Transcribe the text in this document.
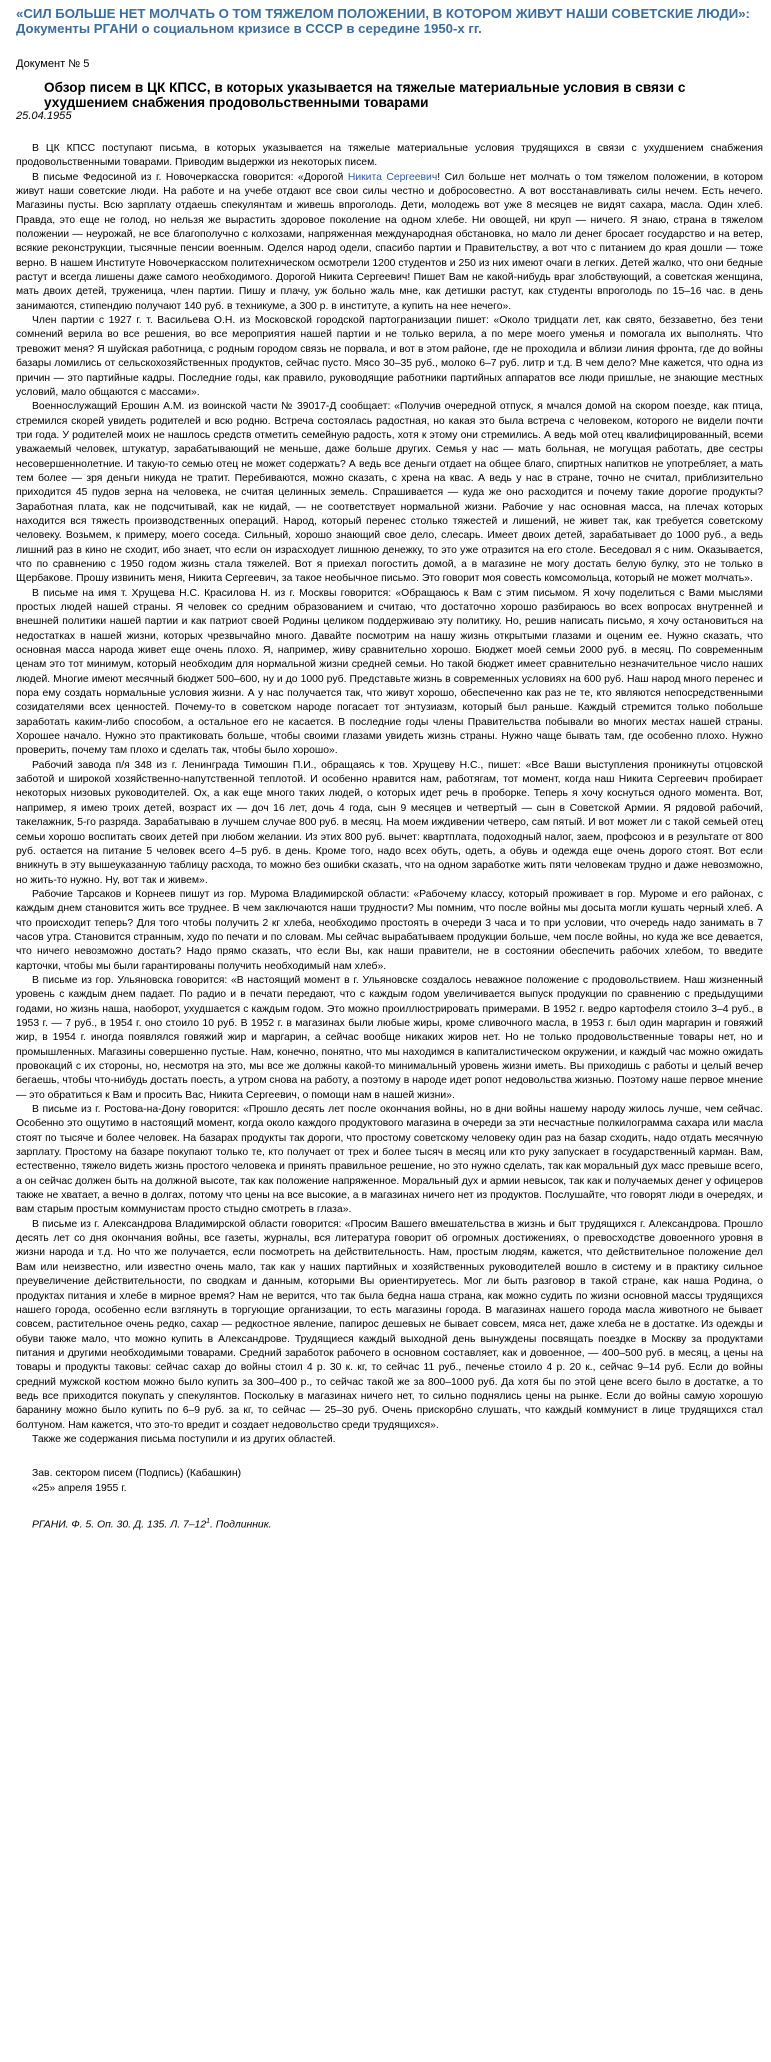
«СИЛ БОЛЬШЕ НЕТ МОЛЧАТЬ О ТОМ ТЯЖЕЛОМ ПОЛОЖЕНИИ, В КОТОРОМ ЖИВУТ НАШИ СОВЕТСКИЕ ЛЮДИ»: Документы РГАНИ о социальном кризисе в СССР в середине 1950-х гг.
Документ № 5
Обзор писем в ЦК КПСС, в которых указывается на тяжелые материальные условия в связи с ухудшением снабжения продовольственными товарами
25.04.1955

В ЦК КПСС поступают письма, в которых указывается на тяжелые материальные условия трудящихся в связи с ухудшением снабжения продовольственными товарами. Приводим выдержки из некоторых писем.

В письме Федосиной из г. Новочеркасска говорится: «Дорогой Никита Сергеевич! Сил больше нет молчать о том тяжелом положении, в котором живут наши советские люди. На работе и на учебе отдают все свои силы честно и добросовестно. А вот восстанавливать силы нечем. Есть нечего. Магазины пусты. Всю зарплату отдаешь спекулянтам и живешь впроголодь. Дети, молодежь вот уже 8 месяцев не видят сахара, масла. Один хлеб. Правда, это еще не голод, но нельзя же вырастить здоровое поколение на одном хлебе. Ни овощей, ни круп — ничего. Я знаю, страна в тяжелом положении — неурожай, не все благополучно с колхозами, напряженная международная обстановка, но мало ли денег бросает государство и на ветер, всякие реконструкции, тысячные пенсии военным. Оделся народ одели, спасибо партии и Правительству, а вот что с питанием до края дошли — тоже верно. В нашем Институте Новочеркасском политехническом осмотрели 1200 студентов и 250 из них имеют очаги в легких. Детей жалко, что они бедные растут и всегда лишены даже самого необходимого. Дорогой Никита Сергеевич! Пишет Вам не какой-нибудь враг злобствующий, а советская женщина, мать двоих детей, труженица, член партии. Пишу и плачу, уж больно жаль мне, как детишки растут, как студенты впроголодь по 15–16 час. в день занимаются, стипендию получают 140 руб. в техникуме, а 300 р. в институте, а купить на нее нечего».

Член партии с 1927 г. т. Васильева О.Н. из Московской городской партогранизации пишет: «Около тридцати лет, как свято, беззаветно, без тени сомнений верила во все решения, во все мероприятия нашей партии и не только верила, а по мере моего уменья и помогала их выполнять. Что тревожит меня? Я шуйская работница, с родным городом связь не порвала, и вот в этом районе, где не проходила и вблизи линия фронта, где до войны базары ломились от сельскохозяйственных продуктов, сейчас пусто. Мясо 30–35 руб., молоко 6–7 руб. литр и т.д. В чем дело? Мне кажется, что одна из причин — это партийные кадры. Последние годы, как правило, руководящие работники партийных аппаратов все люди пришлые, не знающие местных условий, мало общаются с массами».

Военнослужащий Ерошин А.М. из воинской части № 39017-Д сообщает: «Получив очередной отпуск, я мчался домой на скором поезде, как птица, стремился скорей увидеть родителей и всю родню. Встреча состоялась радостная, но какая это была встреча с человеком, которого не видели почти три года. У родителей моих не нашлось средств отметить семейную радость, хотя к этому они стремились. А ведь мой отец квалифицированный, всеми уважаемый человек, штукатур, зарабатывающий не меньше, даже больше других. Семья у нас — мать больная, не могущая работать, две сестры несовершеннолетние. И такую-то семью отец не может содержать? А ведь все деньги отдает на общее благо, спиртных напитков не употребляет, а мать тем более — зря деньги никуда не тратит. Перебиваются, можно сказать, с хрена на квас. А ведь у нас в стране, точно не считал, приблизительно приходится 45 пудов зерна на человека, не считая целинных земель. Спрашивается — куда же оно расходится и почему такие дорогие продукты? Заработная плата, как не подсчитывай, как не кидай, — не соответствует нормальной жизни. Рабочие у нас основная масса, на плечах которых находится вся тяжесть производственных операций. Народ, который перенес столько тяжестей и лишений, не живет так, как требуется советскому человеку. Возьмем, к примеру, моего соседа. Сильный, хорошо знающий свое дело, слесарь. Имеет двоих детей, зарабатывает до 1000 руб., а ведь лишний раз в кино не сходит, ибо знает, что если он израсходует лишнюю денежку, то это уже отразится на его столе. Беседовал я с ним. Оказывается, что по сравнению с 1950 годом жизнь стала тяжелей. Вот я приехал погостить домой, а в магазине не могу достать белую булку, это не только в Щербакове. Прошу извинить меня, Никита Сергеевич, за такое необычное письмо. Это говорит моя совесть комсомольца, который не может молчать».

В письме на имя т. Хрущева Н.С. Красилова Н. из г. Москвы говорится: «Обращаюсь к Вам с этим письмом. Я хочу поделиться с Вами мыслями простых людей нашей страны. Я человек со средним образованием и считаю, что достаточно хорошо разбираюсь во всех вопросах внутренней и внешней политики нашей партии и как патриот своей Родины целиком поддерживаю эту политику. Но, решив написать письмо, я хочу остановиться на недостатках в нашей жизни, которых чрезвычайно много. Давайте посмотрим на нашу жизнь открытыми глазами и оценим ее. Нужно сказать, что основная масса народа живет еще очень плохо. Я, например, живу сравнительно хорошо. Бюджет моей семьи 2000 руб. в месяц. По современным ценам это тот минимум, который необходим для нормальной жизни средней семьи. Но такой бюджет имеет сравнительно незначительное число наших людей. Многие имеют месячный бюджет 500–600, ну и до 1000 руб. Представьте жизнь в современных условиях на 600 руб. Наш народ много перенес и пора ему создать нормальные условия жизни. А у нас получается так, что живут хорошо, обеспеченно как раз не те, кто являются непосредственными созидателями всех ценностей. Почему-то в советском народе погасает тот энтузиазм, который был раньше. Каждый стремится только побольше заработать каким-либо способом, а остальное его не касается. В последние годы члены Правительства побывали во многих местах нашей страны. Хорошее начало. Нужно это практиковать больше, чтобы своими глазами увидеть жизнь страны. Нужно чаще бывать там, где особенно плохо. Нужно проверить, почему там плохо и сделать так, чтобы было хорошо».

Рабочий завода п/я 348 из г. Ленинграда Тимошин П.И., обращаясь к тов. Хрущеву Н.С., пишет: «Все Ваши выступления проникнуты отцовской заботой и широкой хозяйственно-напутственной теплотой. И особенно нравится нам, работягам, тот момент, когда наш Никита Сергеевич пробирает некоторых низовых руководителей. Ох, а как еще много таких людей, о которых идет речь в проборке. Теперь я хочу коснуться одного момента. Вот, например, я имею троих детей, возраст их — доч 16 лет, дочь 4 года, сын 9 месяцев и четвертый — сын в Советской Армии. Я рядовой рабочий, такелажник, 5-го разряда. Зарабатываю в лучшем случае 800 руб. в месяц. На моем иждивении четверо, сам пятый. И вот может ли с такой семьей отец семьи хорошо воспитать своих детей при любом желании. Из этих 800 руб. вычет: квартплата, подоходный налог, заем, профсоюз и в результате от 800 руб. остается на питание 5 человек всего 4–5 руб. в день. Кроме того, надо всех обуть, одеть, а обувь и одежда еще очень дорого стоят. Вот если вникнуть в эту вышеуказанную таблицу расхода, то можно без ошибки сказать, что на одном заработке жить пяти человекам трудно и даже невозможно, но жить-то нужно. Ну, вот так и живем».

Рабочие Тарсаков и Корнеев пишут из гор. Мурома Владимирской области: «Рабочему классу, который проживает в гор. Муроме и его районах, с каждым днем становится жить все труднее. В чем заключаются наши трудности? Мы помним, что после войны мы досыта могли кушать черный хлеб. А что происходит теперь? Для того чтобы получить 2 кг хлеба, необходимо простоять в очереди 3 часа и то при условии, что очередь надо занимать в 7 часов утра. Становится странным, худо по печати и по словам. Мы сейчас вырабатываем продукции больше, чем после войны, но куда же все девается, что ничего невозможно достать? Надо прямо сказать, что если Вы, как наши правители, не в состоянии обеспечить рабочих хлебом, то введите карточки, чтобы мы были гарантированы получить необходимый нам хлеб».

В письме из гор. Ульяновска говорится: «В настоящий момент в г. Ульяновске создалось неважное положение с продовольствием. Наш жизненный уровень с каждым днем падает. По радио и в печати передают, что с каждым годом увеличивается выпуск продукции по сравнению с предыдущими годами, но жизнь наша, наоборот, ухудшается с каждым годом. Это можно проиллюстрировать примерами. В 1952 г. ведро картофеля стоило 3–4 руб., в 1953 г. — 7 руб., в 1954 г. оно стоило 10 руб. В 1952 г. в магазинах были любые жиры, кроме сливочного масла, в 1953 г. был один маргарин и говяжий жир, в 1954 г. иногда появлялся говяжий жир и маргарин, а сейчас вообще никаких жиров нет. Но не только продовольственные товары нет, но и промышленных. Магазины совершенно пустые. Нам, конечно, понятно, что мы находимся в капиталистическом окружении, и каждый час можно ожидать провокаций с их стороны, но, несмотря на это, мы все же должны какой-то минимальный уровень жизни иметь. Вы приходишь с работы и целый вечер бегаешь, чтобы что-нибудь достать поесть, а утром снова на работу, а поэтому в народе идет ропот недовольства жизнью. Поэтому наше первое мнение — это обратиться к Вам и просить Вас, Никита Сергеевич, о помощи нам в нашей жизни».

В письме из г. Ростова-на-Дону говорится: «Прошло десять лет после окончания войны, но в дни войны нашему народу жилось лучше, чем сейчас. Особенно это ощутимо в настоящий момент, когда около каждого продуктового магазина в очереди за эти несчастные полкилограмма сахара или масла стоят по тысяче и более человек. На базарах продукты так дороги, что простому советскому человеку один раз на базар сходить, надо отдать месячную зарплату. Простому на базаре покупают только те, кто получает от трех и более тысяч в месяц или кто руку запускает в государственный карман. Вам, естественно, тяжело видеть жизнь простого человека и принять правильное решение, но это нужно сделать, так как моральный дух масс превыше всего, а он сейчас должен быть на должной высоте, так как положение напряженное. Моральный дух и армии невысок, так как и получаемых денег у офицеров также не хватает, а вечно в долгах, потому что цены на все высокие, а в магазинах ничего нет из продуктов. Послушайте, что говорят люди в очередях, и вам старым простым коммунистам просто стыдно смотреть в глаза».

В письме из г. Александрова Владимирской области говорится: «Просим Вашего вмешательства в жизнь и быт трудящихся г. Александрова. Прошло десять лет со дня окончания войны, все газеты, журналы, вся литература говорит об огромных достижениях, о превосходстве довоенного уровня в жизни народа и т.д. Но что же получается, если посмотреть на действительность. Нам, простым людям, кажется, что действительное положение дел Вам или неизвестно, или известно очень мало, так как у наших партийных и хозяйственных руководителей вошло в систему и в практику сильное преувеличение действительности, по сводкам и данным, которыми Вы ориентируетесь. Мог ли быть разговор в такой стране, как наша Родина, о продуктах питания и хлебе в мирное время? Нам не верится, что так была бедна наша страна, как можно судить по жизни основной массы трудящихся нашего города, особенно если взглянуть в торгующие организации, то есть магазины города. В магазинах нашего города масла животного не бывает совсем, растительное очень редко, сахар — редкостное явление, папирос дешевых не бывает совсем, мяса нет, даже хлеба не в достатке. Из одежды и обуви также мало, что можно купить в Александрове. Трудящиеся каждый выходной день вынуждены посвящать поездке в Москву за продуктами питания и другими необходимыми товарами. Средний заработок рабочего в основном составляет, как и довоенное, — 400–500 руб. в месяц, а цены на товары и продукты таковы: сейчас сахар до войны стоил 4 р. 30 к. кг, то сейчас 11 руб., печенье стоило 4 р. 20 к., сейчас 9–14 руб. Если до войны средний мужской костюм можно было купить за 300–400 р., то сейчас такой же за 800–1000 руб. Да хотя бы по этой цене всего было в достатке, а то ведь все приходится покупать у спекулянтов. Поскольку в магазинах ничего нет, то сильно поднялись цены на рынке. Если до войны самую хорошую баранину можно было купить по 6–9 руб. за кг, то сейчас — 25–30 руб. Очень прискорбно слушать, что каждый коммунист в лице трудящихся стал болтуном. Нам кажется, что это-то вредит и создает недовольство среди трудящихся».

Также же содержания письма поступили и из других областей.

Зав. сектором писем (Подпись) (Кабашкин)
«25» апреля 1955 г.
РГАНИ. Ф. 5. Оп. 30. Д. 135. Л. $7-12^1$. Подлинник.
